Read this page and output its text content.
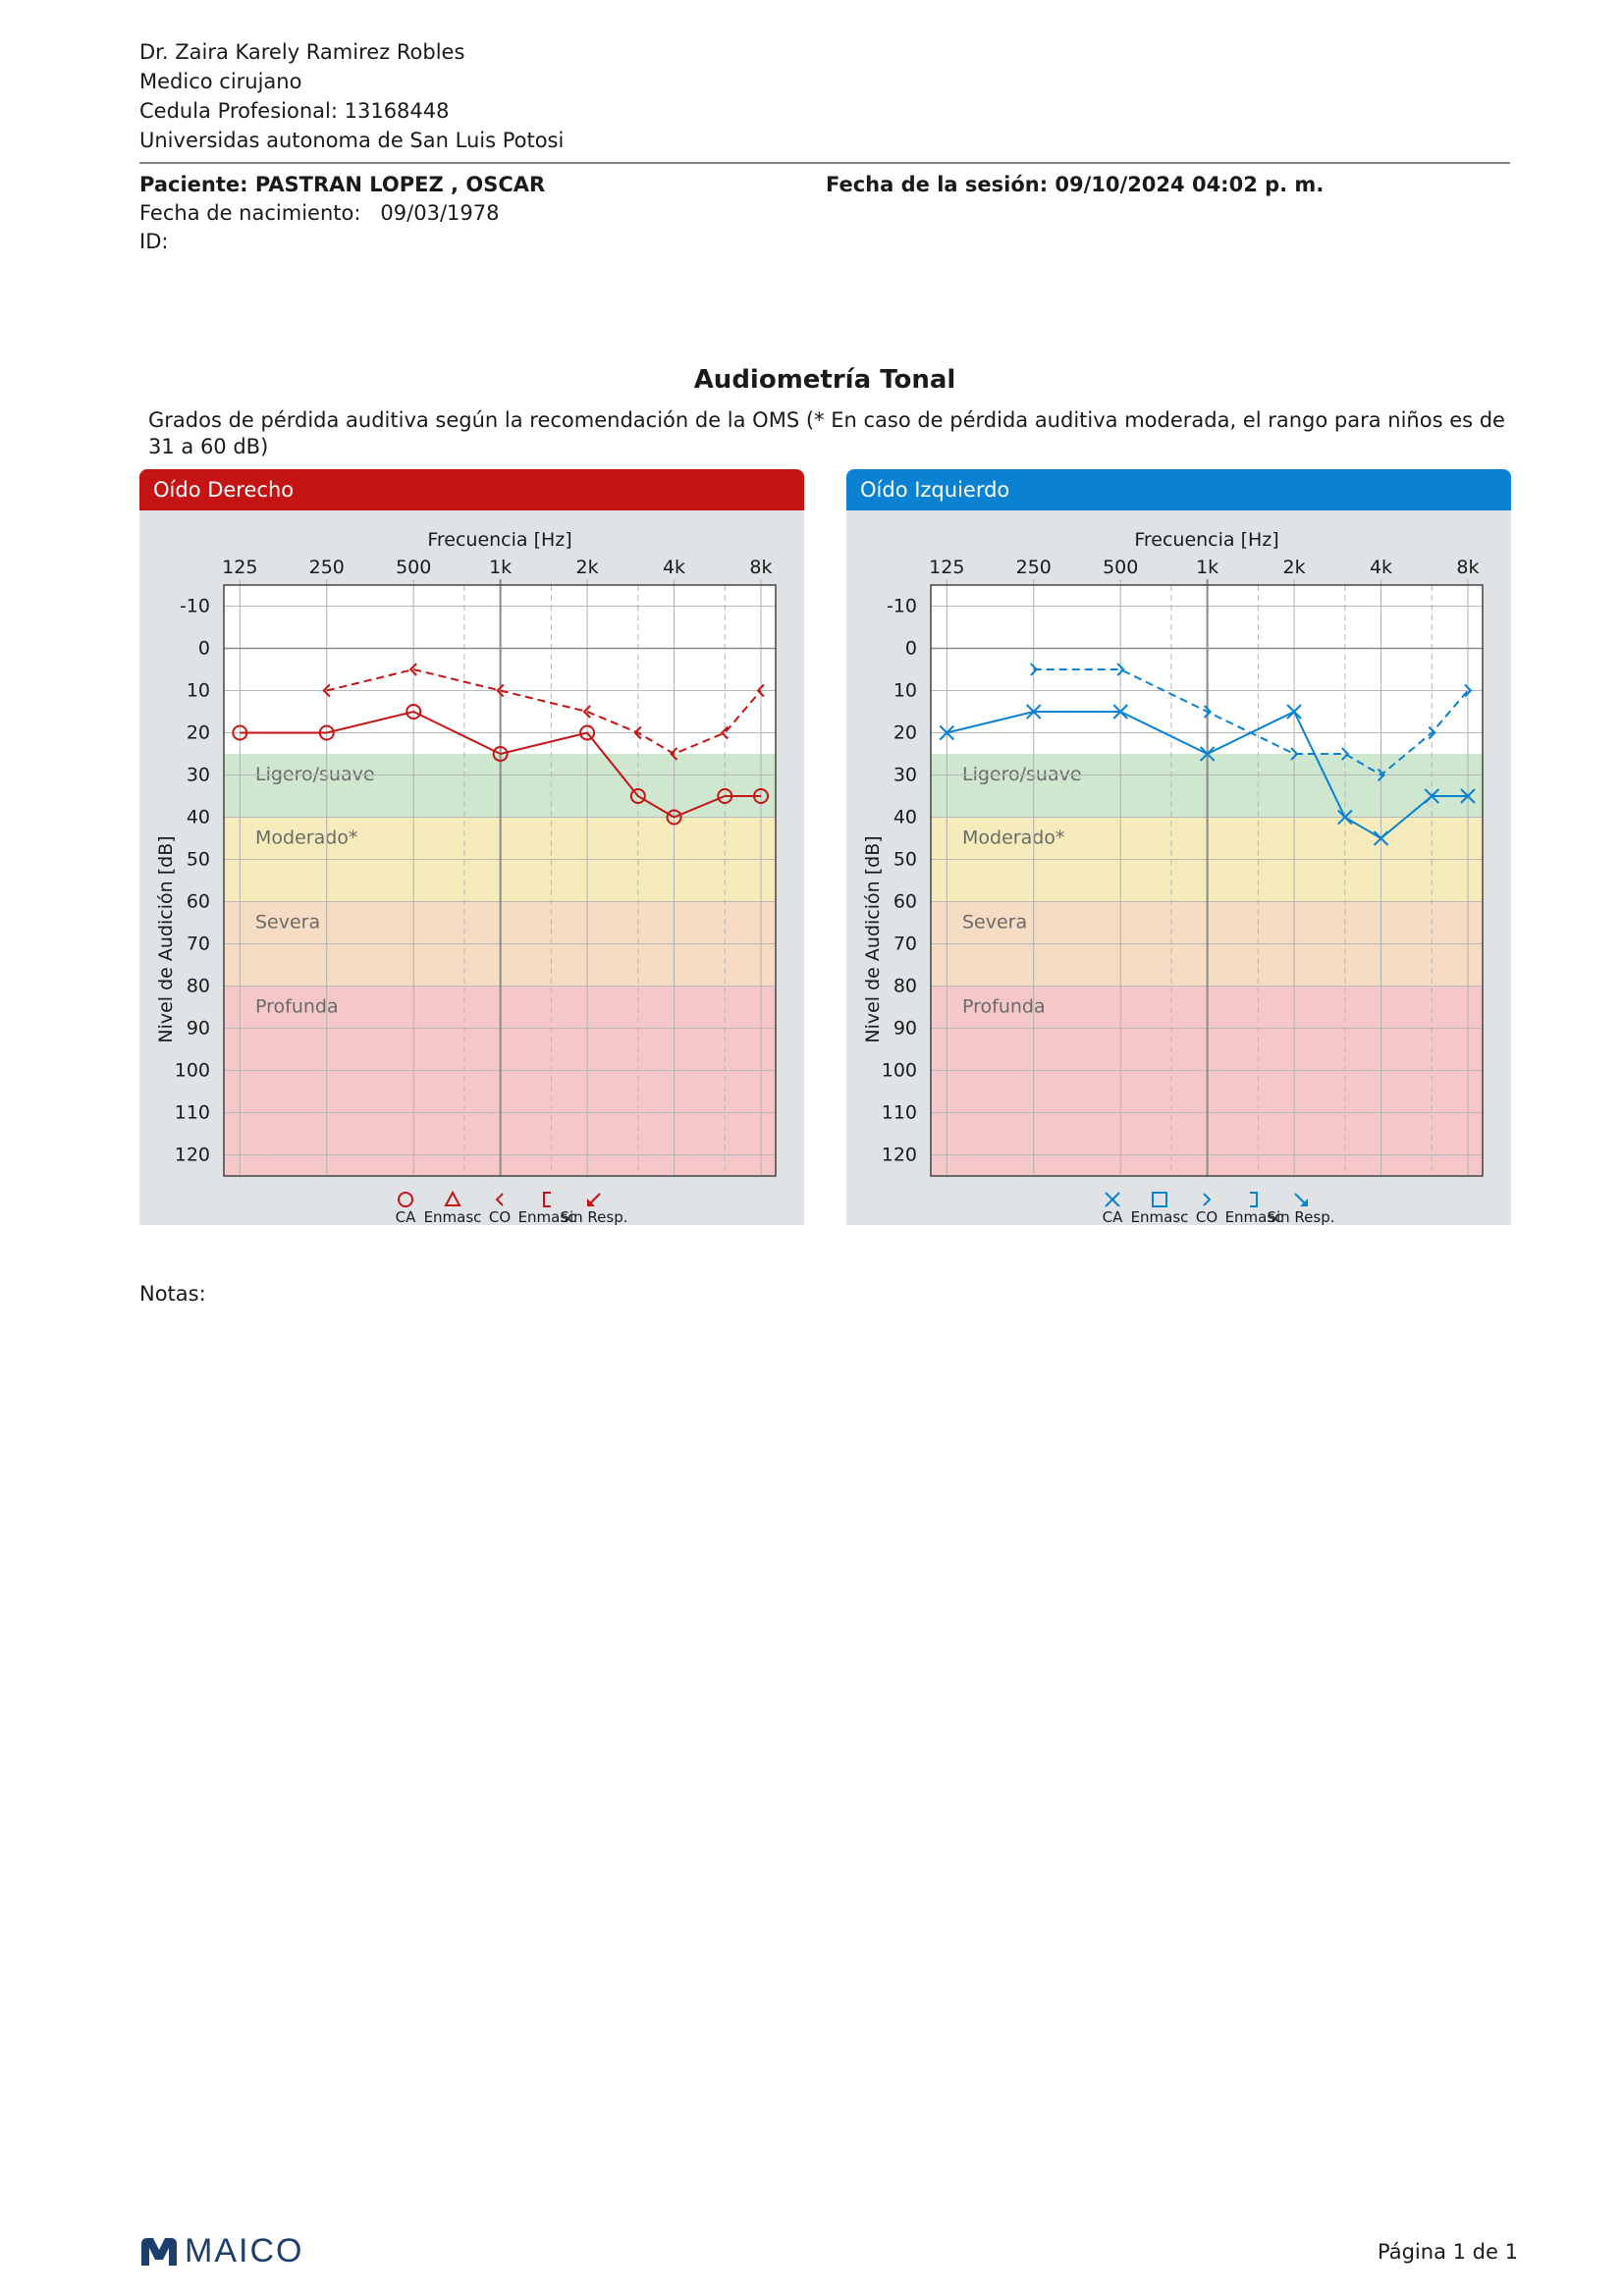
Dr. Zaira Karely Ramirez Robles
Medico cirujano
Cedula Profesional: 13168448
Universidas autonoma de San Luis Potosi
Paciente: PASTRAN LOPEZ , OSCAR
Fecha de nacimiento: 09/03/1978
ID:
Fecha de la sesión: 09/10/2024 04:02 p. m.
Audiometría Tonal
Grados de pérdida auditiva según la recomendación de la OMS (* En caso de pérdida auditiva moderada, el rango para niños es de 31 a 60 dB)
Oído Derecho
Ligero/suave
Moderado*
Severa
Profunda
-10
0
10
20
30
40
50
60
70
80
90
100
110
120
125	250	500	1k	2k	4k	8k
Frecuencia [Hz]
Nivel de Audición [dB]
CA Enmasc CO Enmasc
Sin Resp.
Oído Izquierdo
Ligero/suave
Moderado*
Severa
Profunda
-10
0
10
20
30
40
50
60
70
80
90
100
110
120
125	250	500	1k	2k	4k	8k
Frecuencia [Hz]
Nivel de Audición [dB]
CA Enmasc CO Enmasc
Sin Resp.
Notas:
MAICO	Página 1 de 1
